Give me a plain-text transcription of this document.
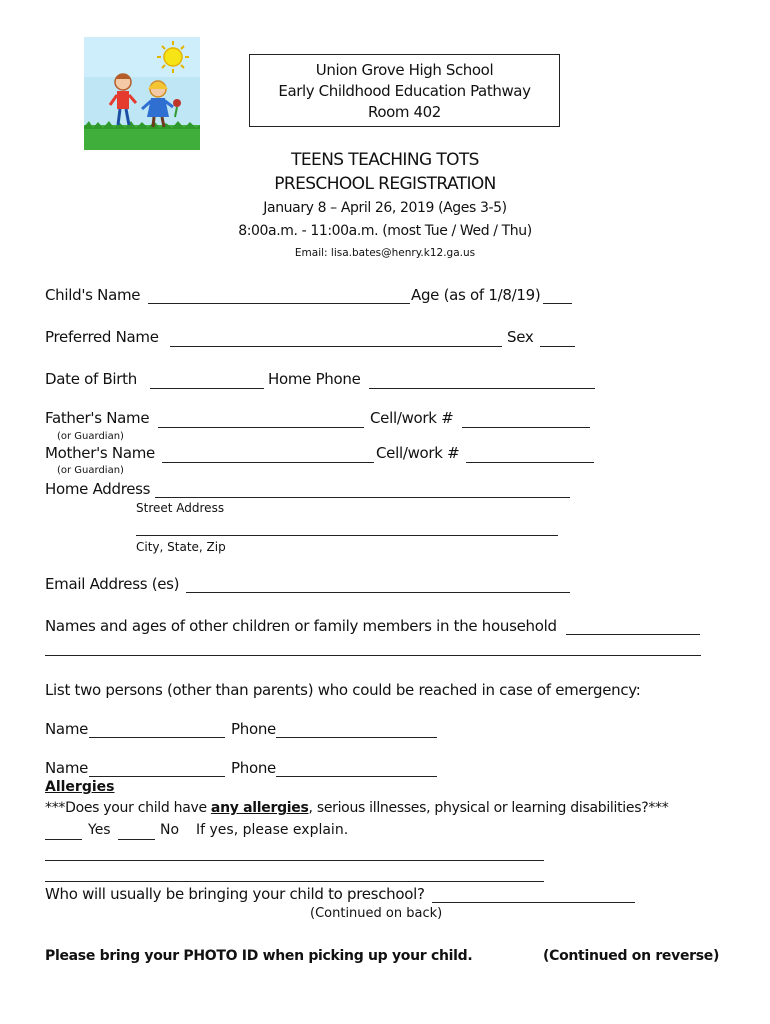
Union Grove High School
Early Childhood Education Pathway
Room 402
TEENS TEACHING TOTS
PRESCHOOL REGISTRATION
January 8 – April 26, 2019 (Ages 3-5)
8:00a.m. - 11:00a.m. (most Tue / Wed / Thu)
Email: lisa.bates@henry.k12.ga.us
Child's Name	Age (as of 1/8/19)
Preferred Name	Sex
Date of Birth	Home Phone
Father's Name	Cell/work #
(or Guardian)
Mother's Name	Cell/work #
(or Guardian)
Home Address
Street Address
City, State, Zip
Email Address (es)
Names and ages of other children or family members in the household
List two persons (other than parents) who could be reached in case of emergency:
Name	Phone
Name	Phone
Allergies
***Does your child have any allergies, serious illnesses, physical or learning disabilities?***
Yes	No If yes, please explain.
Who will usually be bringing your child to preschool?
(Continued on back)
Please bring your PHOTO ID when picking up your child.	(Continued on reverse)
